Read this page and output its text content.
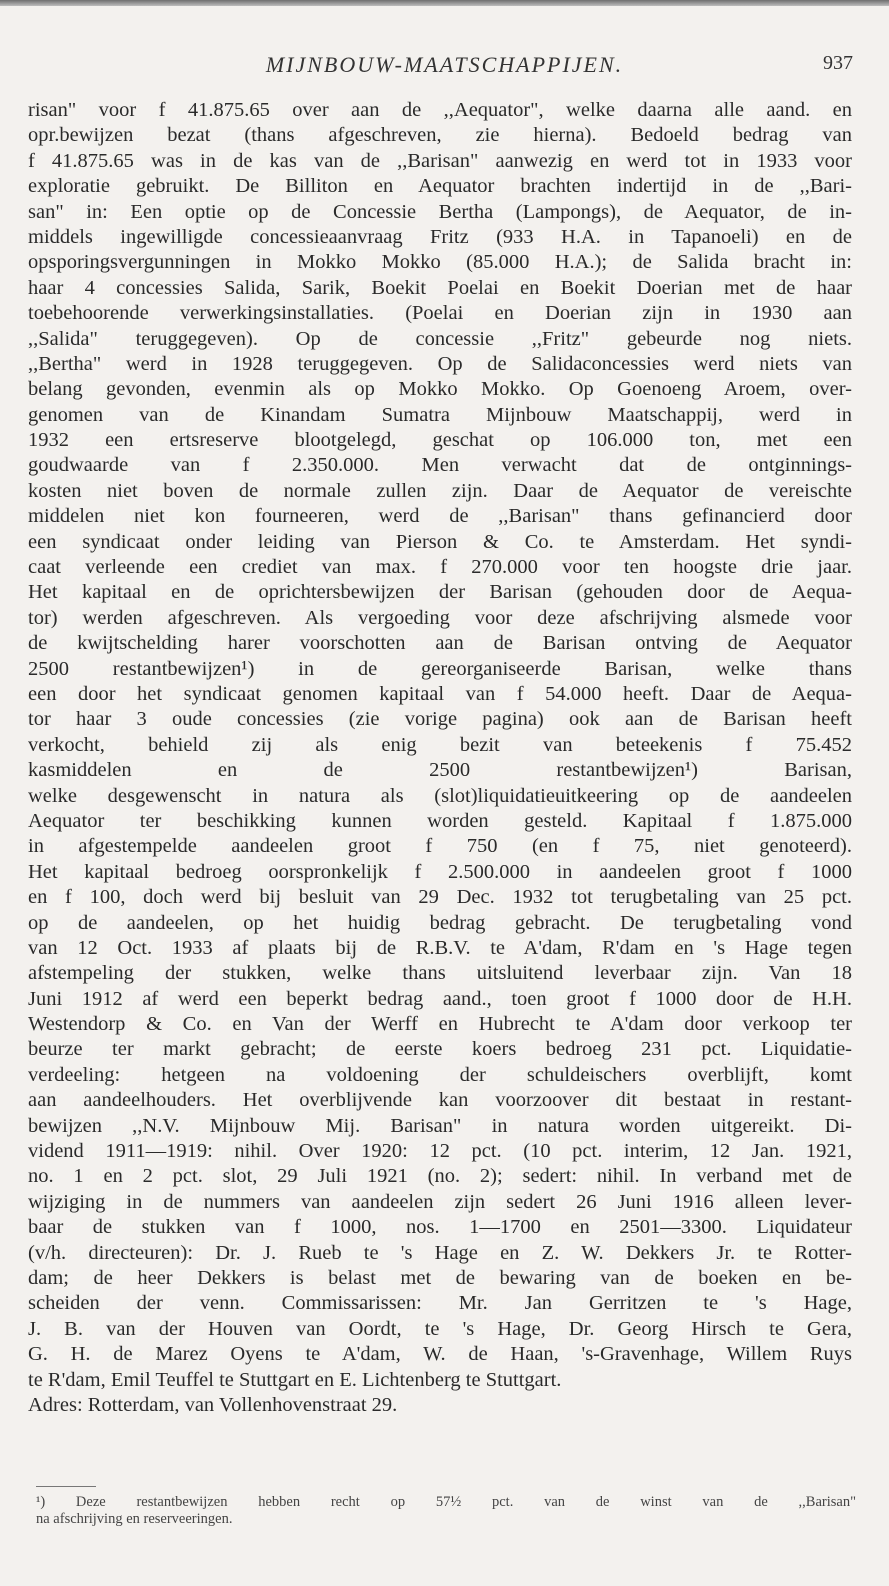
MIJNBOUW-MAATSCHAPPIJEN.	937
risan" voor f 41.875.65 over aan de ,,Aequator", welke daarna alle aand. en
opr.bewijzen bezat (thans afgeschreven, zie hierna). Bedoeld bedrag van
f 41.875.65 was in de kas van de ,,Barisan" aanwezig en werd tot in 1933 voor
exploratie gebruikt. De Billiton en Aequator brachten indertijd in de ,,Bari-
san" in: Een optie op de Concessie Bertha (Lampongs), de Aequator, de in-
middels ingewilligde concessieaanvraag Fritz (933 H.A. in Tapanoeli) en de
opsporingsvergunningen in Mokko Mokko (85.000 H.A.); de Salida bracht in:
haar 4 concessies Salida, Sarik, Boekit Poelai en Boekit Doerian met de haar
toebehoorende verwerkingsinstallaties. (Poelai en Doerian zijn in 1930 aan
,,Salida" teruggegeven). Op de concessie ,,Fritz" gebeurde nog niets.
,,Bertha" werd in 1928 teruggegeven. Op de Salidaconcessies werd niets van
belang gevonden, evenmin als op Mokko Mokko. Op Goenoeng Aroem, over-
genomen van de Kinandam Sumatra Mijnbouw Maatschappij, werd in
1932 een ertsreserve blootgelegd, geschat op 106.000 ton, met een
goudwaarde van f 2.350.000. Men verwacht dat de ontginnings-
kosten niet boven de normale zullen zijn. Daar de Aequator de vereischte
middelen niet kon fourneeren, werd de ,,Barisan" thans gefinancierd door
een syndicaat onder leiding van Pierson & Co. te Amsterdam. Het syndi-
caat verleende een crediet van max. f 270.000 voor ten hoogste drie jaar.
Het kapitaal en de oprichtersbewijzen der Barisan (gehouden door de Aequa-
tor) werden afgeschreven. Als vergoeding voor deze afschrijving alsmede voor
de kwijtschelding harer voorschotten aan de Barisan ontving de Aequator
2500 restantbewijzen¹) in de gereorganiseerde Barisan, welke thans
een door het syndicaat genomen kapitaal van f 54.000 heeft. Daar de Aequa-
tor haar 3 oude concessies (zie vorige pagina) ook aan de Barisan heeft
verkocht, behield zij als enig bezit van beteekenis f 75.452
kasmiddelen en de 2500 restantbewijzen¹) Barisan,
welke desgewenscht in natura als (slot)liquidatieuitkeering op de aandeelen
Aequator ter beschikking kunnen worden gesteld. Kapitaal f 1.875.000
in afgestempelde aandeelen groot f 750 (en f 75, niet genoteerd).
Het kapitaal bedroeg oorspronkelijk f 2.500.000 in aandeelen groot f 1000
en f 100, doch werd bij besluit van 29 Dec. 1932 tot terugbetaling van 25 pct.
op de aandeelen, op het huidig bedrag gebracht. De terugbetaling vond
van 12 Oct. 1933 af plaats bij de R.B.V. te A'dam, R'dam en 's Hage tegen
afstempeling der stukken, welke thans uitsluitend leverbaar zijn. Van 18
Juni 1912 af werd een beperkt bedrag aand., toen groot f 1000 door de H.H.
Westendorp & Co. en Van der Werff en Hubrecht te A'dam door verkoop ter
beurze ter markt gebracht; de eerste koers bedroeg 231 pct. Liquidatie-
verdeeling: hetgeen na voldoening der schuldeischers overblijft, komt
aan aandeelhouders. Het overblijvende kan voorzoover dit bestaat in restant-
bewijzen ,,N.V. Mijnbouw Mij. Barisan" in natura worden uitgereikt. Di-
vidend 1911—1919: nihil. Over 1920: 12 pct. (10 pct. interim, 12 Jan. 1921,
no. 1 en 2 pct. slot, 29 Juli 1921 (no. 2); sedert: nihil. In verband met de
wijziging in de nummers van aandeelen zijn sedert 26 Juni 1916 alleen lever-
baar de stukken van f 1000, nos. 1—1700 en 2501—3300. Liquidateur
(v/h. directeuren): Dr. J. Rueb te 's Hage en Z. W. Dekkers Jr. te Rotter-
dam; de heer Dekkers is belast met de bewaring van de boeken en be-
scheiden der venn. Commissarissen: Mr. Jan Gerritzen te 's Hage,
J. B. van der Houven van Oordt, te 's Hage, Dr. Georg Hirsch te Gera,
G. H. de Marez Oyens te A'dam, W. de Haan, 's-Gravenhage, Willem Ruys
te R'dam, Emil Teuffel te Stuttgart en E. Lichtenberg te Stuttgart.
Adres: Rotterdam, van Vollenhovenstraat 29.
¹) Deze restantbewijzen hebben recht op 57½ pct. van de winst van de ,,Barisan"
na afschrijving en reserveeringen.
